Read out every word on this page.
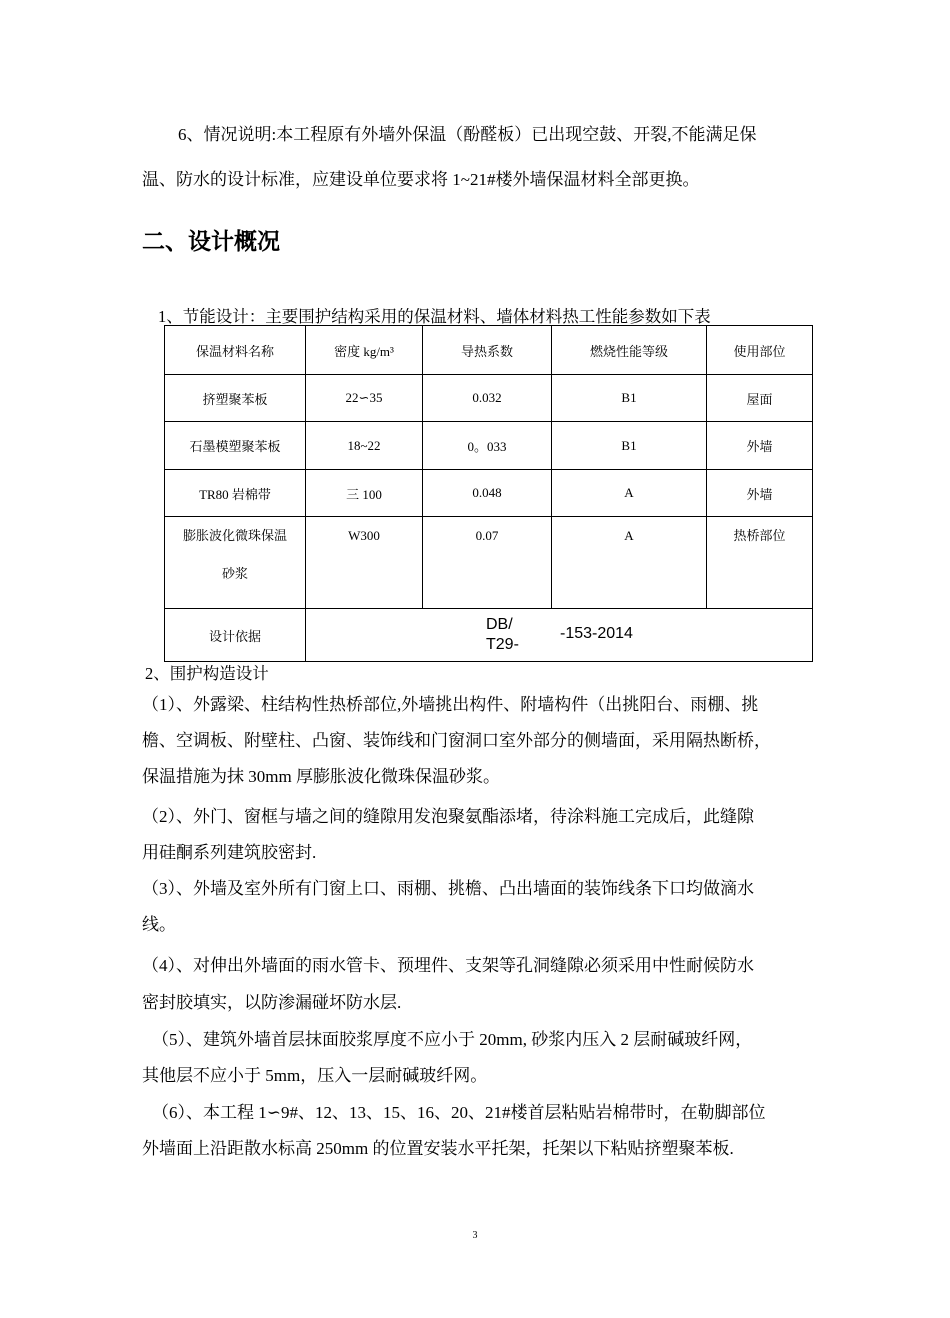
6、情况说明:本工程原有外墙外保温（酚醛板）已出现空鼓、开裂,不能满足保
温、防水的设计标准，应建设单位要求将 1~21#楼外墙保温材料全部更换。
二、设计概况
1、节能设计：主要围护结构采用的保温材料、墙体材料热工性能参数如下表
保温材料名称	密度 kg/m³	导热系数	燃烧性能等级	使用部位
挤塑聚苯板	22∽35	0.032	B1	屋面
石墨模塑聚苯板	18~22	0。033	B1	外墙
TR80 岩棉带	三 100	0.048	A	外墙

膨胀波化微珠保温
砂浆	W300	0.07	A	热桥部位

设计依据	DB/
T29-
-153-2014			
2、围护构造设计
（1）、外露梁、柱结构性热桥部位,外墙挑出构件、附墙构件（出挑阳台、雨棚、挑
檐、空调板、附壁柱、凸窗、装饰线和门窗洞口室外部分的侧墙面，采用隔热断桥，
保温措施为抹 30mm 厚膨胀波化微珠保温砂浆。
（2）、外门、窗框与墙之间的缝隙用发泡聚氨酯添堵，待涂料施工完成后，此缝隙
用硅酮系列建筑胶密封.
（3）、外墙及室外所有门窗上口、雨棚、挑檐、凸出墙面的装饰线条下口均做滴水
线。
（4）、对伸出外墙面的雨水管卡、预埋件、支架等孔洞缝隙必须采用中性耐候防水
密封胶填实，以防渗漏碰坏防水层.
（5）、建筑外墙首层抹面胶浆厚度不应小于 20mm, 砂浆内压入 2 层耐碱玻纤网，
其他层不应小于 5mm，压入一层耐碱玻纤网。
（6）、本工程 1∽9#、12、13、15、16、20、21#楼首层粘贴岩棉带时，在勒脚部位
外墙面上沿距散水标高 250mm 的位置安装水平托架，托架以下粘贴挤塑聚苯板.
3
